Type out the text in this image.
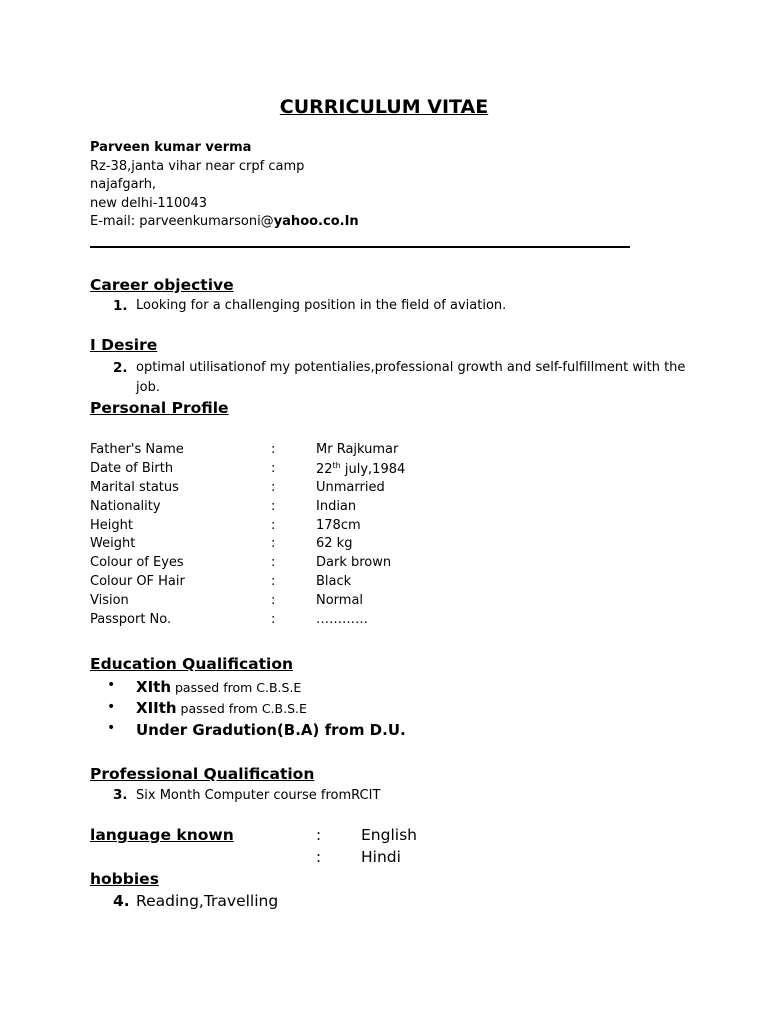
CURRICULUM VITAE
Parveen kumar verma
Rz-38,janta vihar near crpf camp
najafgarh,
new delhi-110043
E-mail: parveenkumarsoni@yahoo.co.In
Career objective
1. Looking for a challenging position in the field of aviation.
I Desire
2. optimal utilisationof my potentialies,professional growth and self-fulfillment with the
job.
Personal Profile
Father's Name	:	Mr Rajkumar
Date of Birth	:	22th july,1984
Marital status	:	Unmarried
Nationality	:	Indian
Height	:	178cm
Weight	:	62 kg
Colour of Eyes	:	Dark brown
Colour OF Hair	:	Black
Vision	:	Normal
Passport No.	:	…………
Education Qualification
• XIth passed from C.B.S.E
• XIIth passed from C.B.S.E
• Under Gradution(B.A) from D.U.
Professional Qualification
3. Six Month Computer course fromRCIT
language known	:	English
:	Hindi
hobbies
4. Reading,Travelling
